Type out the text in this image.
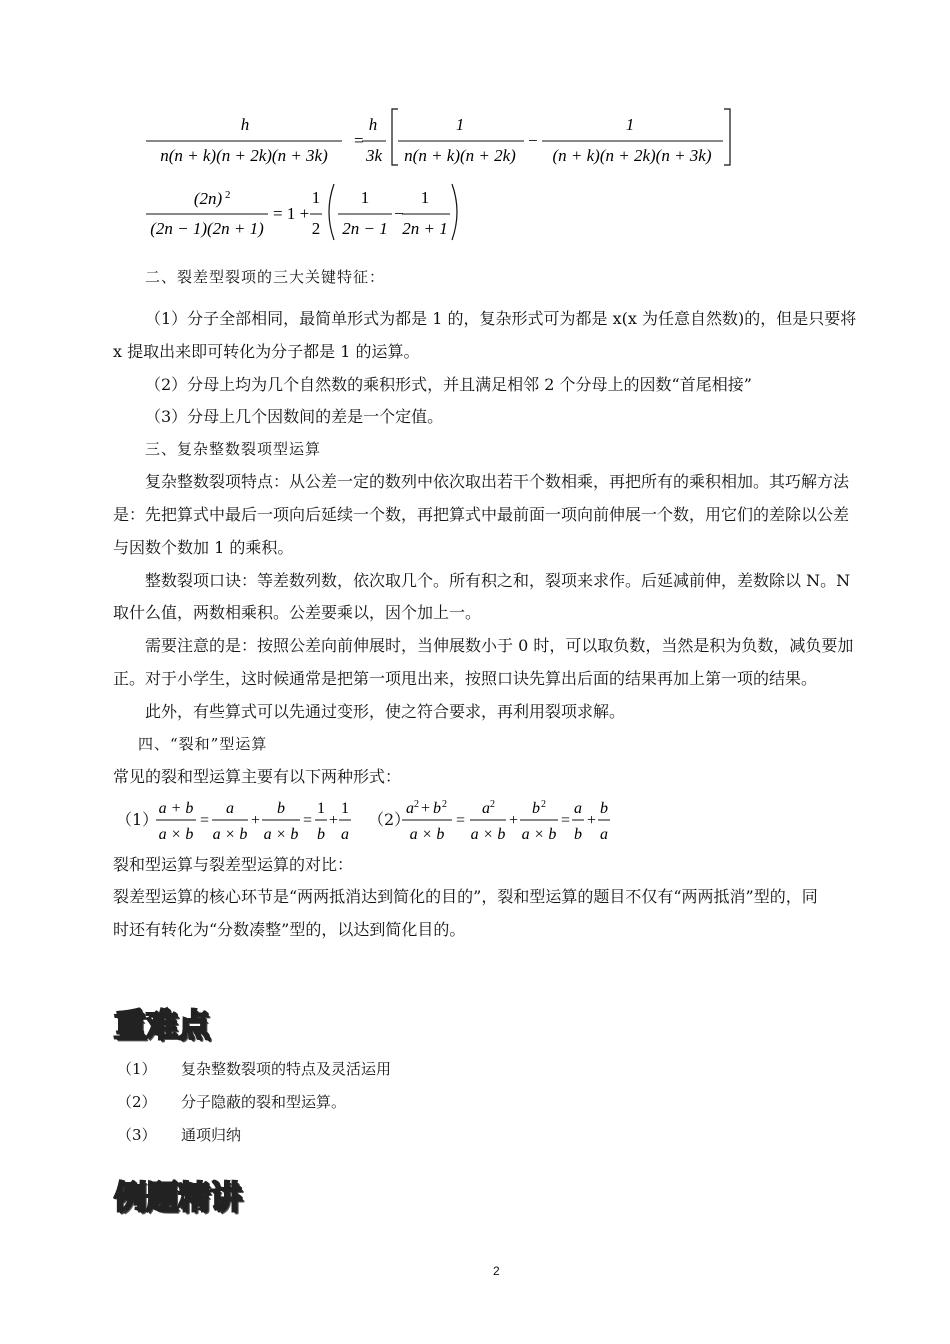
h
n(n + k)(n + 2k)(n + 3k)
=
h
3k
1
n(n + k)(n + 2k)
−
1
(n + k)(n + 2k)(n + 3k)
(2n) 2
(2n − 1)(2n + 1)
= 1 +
1
2
1
2n − 1
−
1
2n + 1
二、裂差型裂项的三大关键特征：
（1）分子全部相同，最简单形式为都是 1 的，复杂形式可为都是 x(x 为任意自然数)的，但是只要将
x 提取出来即可转化为分子都是 1 的运算。
（2）分母上均为几个自然数的乘积形式，并且满足相邻 2 个分母上的因数“首尾相接”
（3）分母上几个因数间的差是一个定值。
三、复杂整数裂项型运算
复杂整数裂项特点：从公差一定的数列中依次取出若干个数相乘，再把所有的乘积相加。其巧解方法
是：先把算式中最后一项向后延续一个数，再把算式中最前面一项向前伸展一个数，用它们的差除以公差
与因数个数加 1 的乘积。
整数裂项口诀：等差数列数，依次取几个。所有积之和，裂项来求作。后延减前伸，差数除以 N。N
取什么值，两数相乘积。公差要乘以，因个加上一。
需要注意的是：按照公差向前伸展时，当伸展数小于 0 时，可以取负数，当然是积为负数，减负要加
正。对于小学生，这时候通常是把第一项甩出来，按照口诀先算出后面的结果再加上第一项的结果。
此外，有些算式可以先通过变形，使之符合要求，再利用裂项求解。
四、“裂和”型运算
常见的裂和型运算主要有以下两种形式：
（1）
a + b
a × b
=
a
a × b
+
b
a × b
=
1
b
+
1
a
（2）
a 2 + b 2
a × b
=
a 2
a × b
+
b 2
a × b
=
a
b
+
b
a
裂和型运算与裂差型运算的对比：
裂差型运算的核心环节是“两两抵消达到简化的目的”，裂和型运算的题目不仅有“两两抵消”型的，同
时还有转化为“分数凑整”型的，以达到简化目的。
重难点
（1） 复杂整数裂项的特点及灵活运用
（2） 分子隐蔽的裂和型运算。
（3） 通项归纳
例题精讲
2
